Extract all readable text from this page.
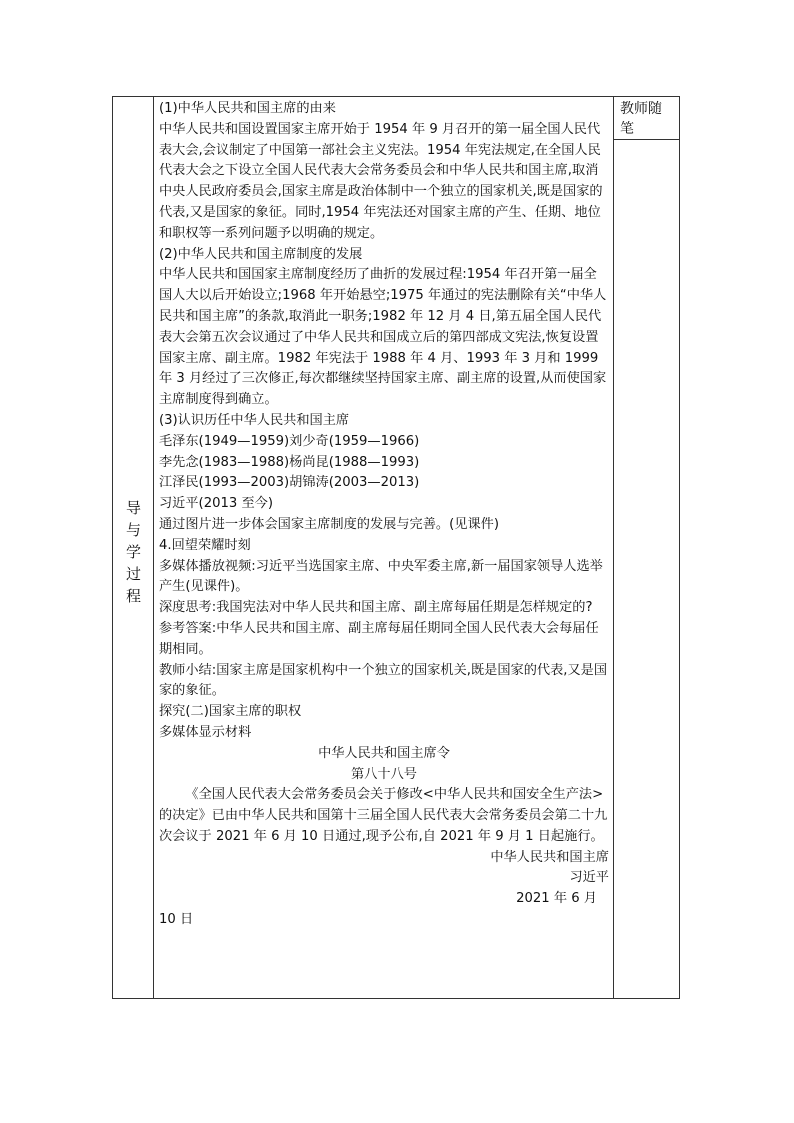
导
与
学
过
程

(1)中华人民共和国主席的由来

中华人民共和国设置国家主席开始于 1954 年 9 月召开的第一届全国人民代表大会,会议制定了中国第一部社会主义宪法。1954 年宪法规定,在全国人民代表大会之下设立全国人民代表大会常务委员会和中华人民共和国主席,取消中央人民政府委员会,国家主席是政治体制中一个独立的国家机关,既是国家的代表,又是国家的象征。同时,1954 年宪法还对国家主席的产生、任期、地位和职权等一系列问题予以明确的规定。

(2)中华人民共和国主席制度的发展

中华人民共和国国家主席制度经历了曲折的发展过程:1954 年召开第一届全国人大以后开始设立;1968 年开始悬空;1975 年通过的宪法删除有关“中华人民共和国主席”的条款,取消此一职务;1982 年 12 月 4 日,第五届全国人民代表大会第五次会议通过了中华人民共和国成立后的第四部成文宪法,恢复设置国家主席、副主席。1982 年宪法于 1988 年 4 月、1993 年 3 月和 1999 年 3 月经过了三次修正,每次都继续坚持国家主席、副主席的设置,从而使国家主席制度得到确立。

(3)认识历任中华人民共和国主席

毛泽东(1949—1959)刘少奇(1959—1966)

李先念(1983—1988)杨尚昆(1988—1993)

江泽民(1993—2003)胡锦涛(2003—2013)

习近平(2013 至今)

通过图片进一步体会国家主席制度的发展与完善。(见课件)

4.回望荣耀时刻

多媒体播放视频:习近平当选国家主席、中央军委主席,新一届国家领导人选举产生(见课件)。

深度思考:我国宪法对中华人民共和国主席、副主席每届任期是怎样规定的?

参考答案:中华人民共和国主席、副主席每届任期同全国人民代表大会每届任期相同。

教师小结:国家主席是国家机构中一个独立的国家机关,既是国家的代表,又是国家的象征。

探究(二)国家主席的职权

多媒体显示材料

中华人民共和国主席令

第八十八号

《全国人民代表大会常务委员会关于修改<中华人民共和国安全生产法>的决定》已由中华人民共和国第十三届全国人民代表大会常务委员会第二十九次会议于 2021 年 6 月 10 日通过,现予公布,自 2021 年 9 月 1 日起施行。

中华人民共和国主席

习近平

2021 年 6 月

10 日

教师随笔
